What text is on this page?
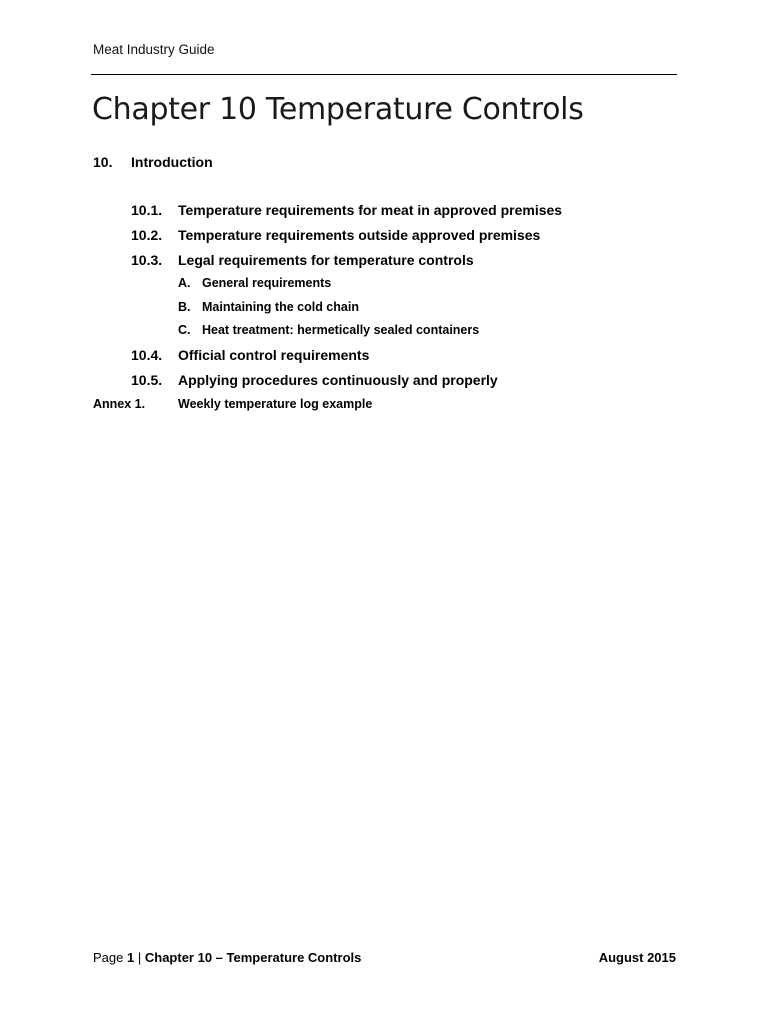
Meat Industry Guide
Chapter 10 Temperature Controls
10. Introduction
10.1. Temperature requirements for meat in approved premises
10.2. Temperature requirements outside approved premises
10.3. Legal requirements for temperature controls
A. General requirements
B. Maintaining the cold chain
C. Heat treatment: hermetically sealed containers
10.4. Official control requirements
10.5. Applying procedures continuously and properly
Annex 1.	Weekly temperature log example
Page 1 | Chapter 10 – Temperature Controls	August 2015
